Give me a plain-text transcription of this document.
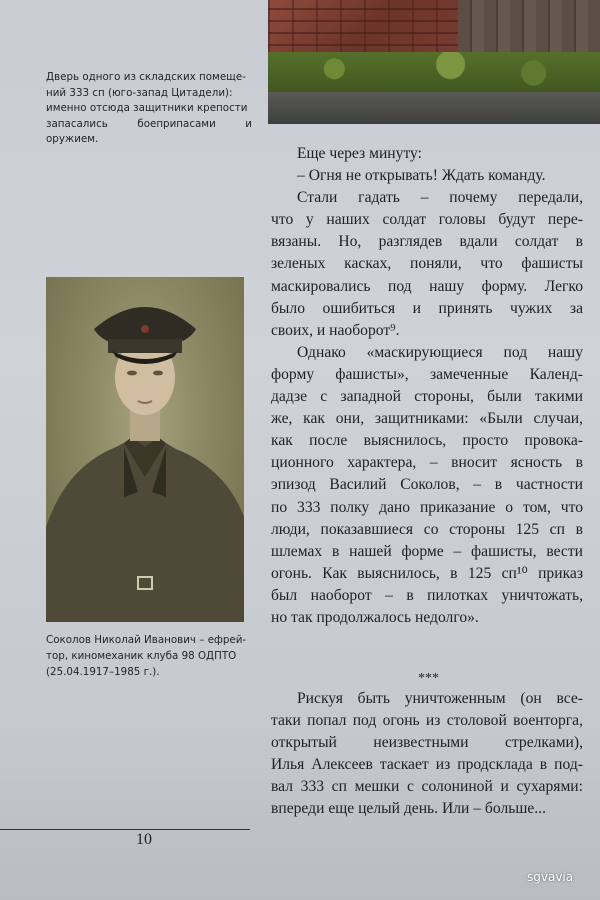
Дверь одного из складских помеще-
ний 333 сп (юго-запад Цитадели):
именно отсюда защитники крепости
запасались боеприпасами и оружием.
Соколов Николай Иванович – ефрей-
тор, киномеханик клуба 98 ОДПТО
(25.04.1917–1985 г.).
Еще через минуту:
– Огня не открывать! Ждать команду.
Стали гадать – почему передали,
что у наших солдат головы будут пере-
вязаны. Но, разглядев вдали солдат в
зеленых касках, поняли, что фашисты
маскировались под нашу форму. Легко
было ошибиться и принять чужих за
своих, и наоборот⁹.
Однако «маскирующиеся под нашу
форму фашисты», замеченные Календ-
дадзе с западной стороны, были такими
же, как они, защитниками: «Были случаи,
как после выяснилось, просто провока-
ционного характера, – вносит ясность в
эпизод Василий Соколов, – в частности
по 333 полку дано приказание о том, что
люди, показавшиеся со стороны 125 сп в
шлемах в нашей форме – фашисты, вести
огонь. Как выяснилось, в 125 сп¹⁰ приказ
был наоборот – в пилотках уничтожать,
но так продолжалось недолго».
***
Рискуя быть уничтоженным (он все-
таки попал под огонь из столовой военторга,
открытый неизвестными стрелками),
Илья Алексеев таскает из продсклада в под-
вал 333 сп мешки с солониной и сухарями:
впереди еще целый день. Или – больше...
10
sgvavia
